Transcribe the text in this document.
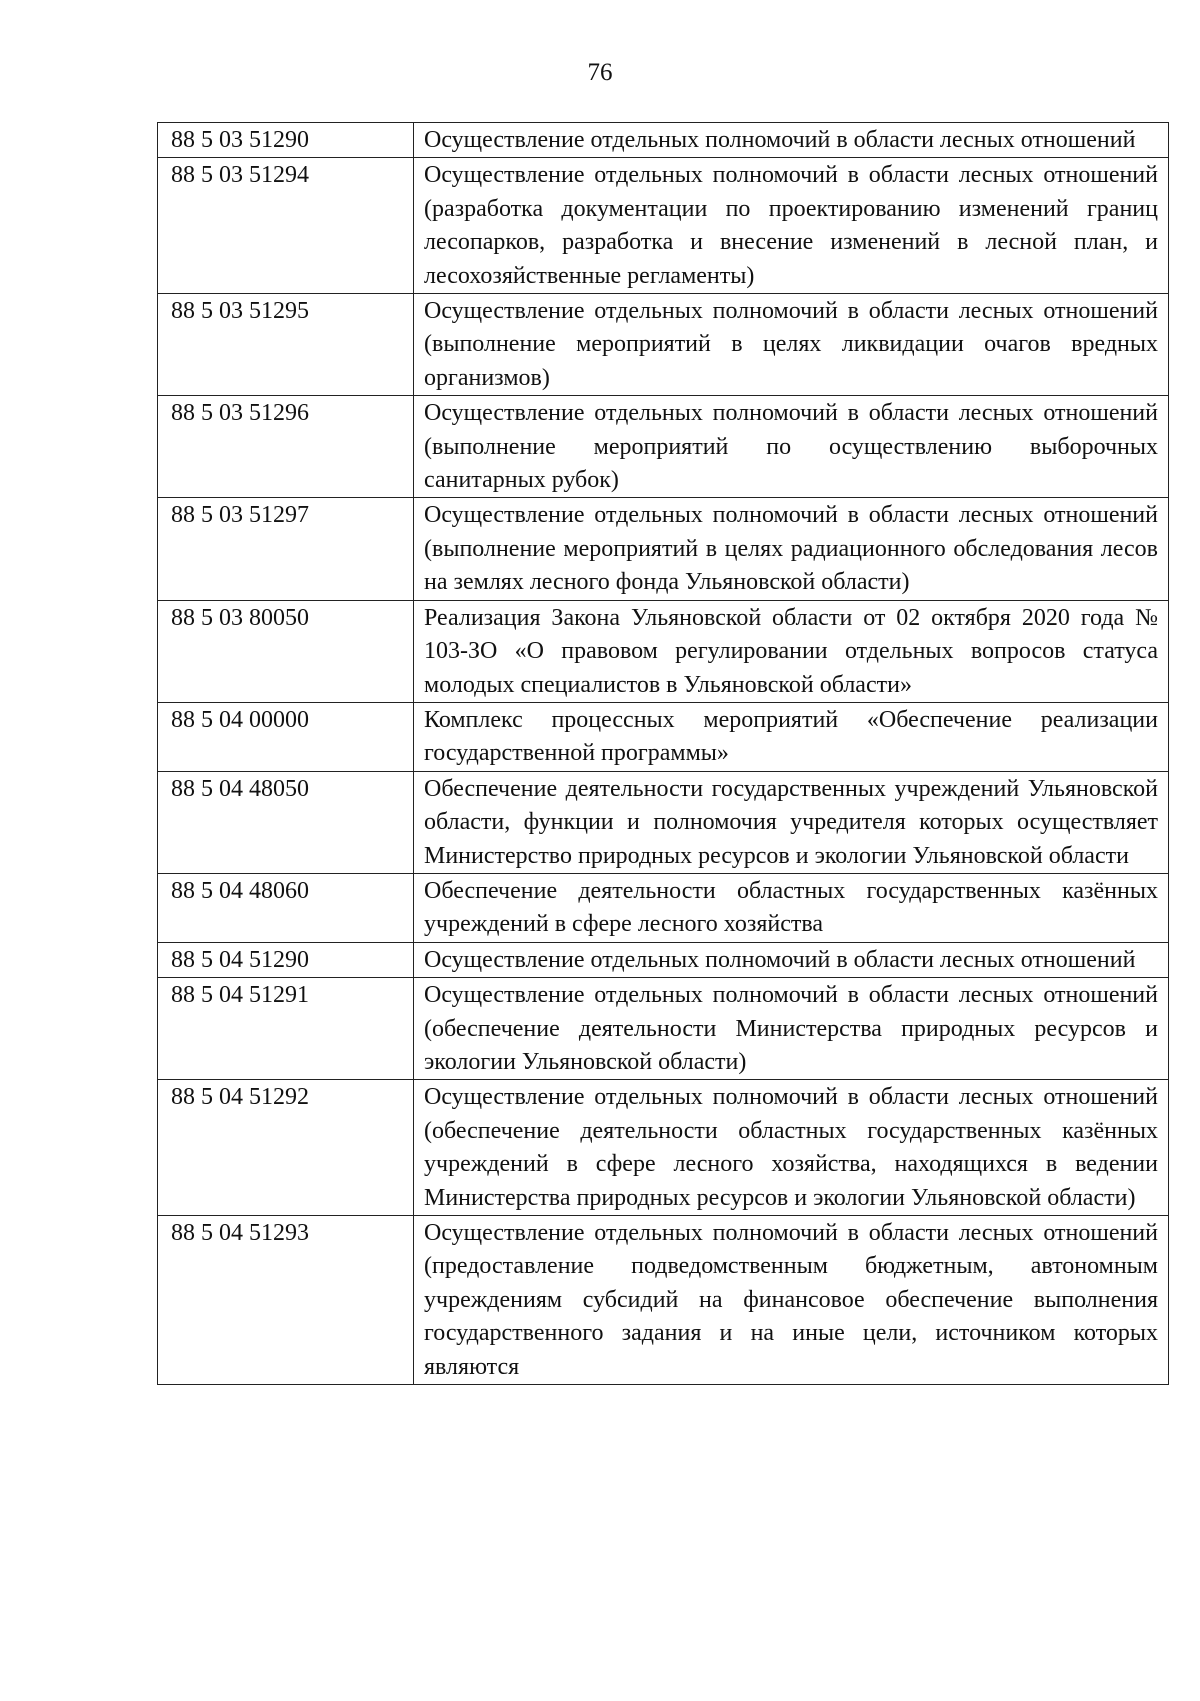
76
88 5 03 51290	Осуществление отдельных полномочий в области лесных отношений
88 5 03 51294	Осуществление отдельных полномочий в области лесных отношений (разработка документации по проектированию изменений границ лесопарков, разработка и внесение изменений в лесной план, и лесохозяйственные регламенты)
88 5 03 51295	Осуществление отдельных полномочий в области лесных отношений (выполнение мероприятий в целях ликвидации очагов вредных организмов)
88 5 03 51296	Осуществление отдельных полномочий в области лесных отношений (выполнение мероприятий по осуществлению выборочных санитарных рубок)
88 5 03 51297	Осуществление отдельных полномочий в области лесных отношений (выполнение мероприятий в целях радиационного обследования лесов на землях лесного фонда Ульяновской области)
88 5 03 80050	Реализация Закона Ульяновской области от 02 октября 2020 года № 103-ЗО «О правовом регулировании отдельных вопросов статуса молодых специалистов в Ульяновской области»
88 5 04 00000	Комплекс процессных мероприятий «Обеспечение реализации государственной программы»
88 5 04 48050	Обеспечение деятельности государственных учреждений Ульяновской области, функции и полномочия учредителя которых осуществляет Министерство природных ресурсов и экологии Ульяновской области
88 5 04 48060	Обеспечение деятельности областных государственных казённых учреждений в сфере лесного хозяйства
88 5 04 51290	Осуществление отдельных полномочий в области лесных отношений
88 5 04 51291	Осуществление отдельных полномочий в области лесных отношений (обеспечение деятельности Министерства природных ресурсов и экологии Ульяновской области)
88 5 04 51292	Осуществление отдельных полномочий в области лесных отношений (обеспечение деятельности областных государственных казённых учреждений в сфере лесного хозяйства, находящихся в ведении Министерства природных ресурсов и экологии Ульяновской области)
88 5 04 51293	Осуществление отдельных полномочий в области лесных отношений (предоставление подведомственным бюджетным, автономным учреждениям субсидий на финансовое обеспечение выполнения государственного задания и на иные цели, источником которых являются
